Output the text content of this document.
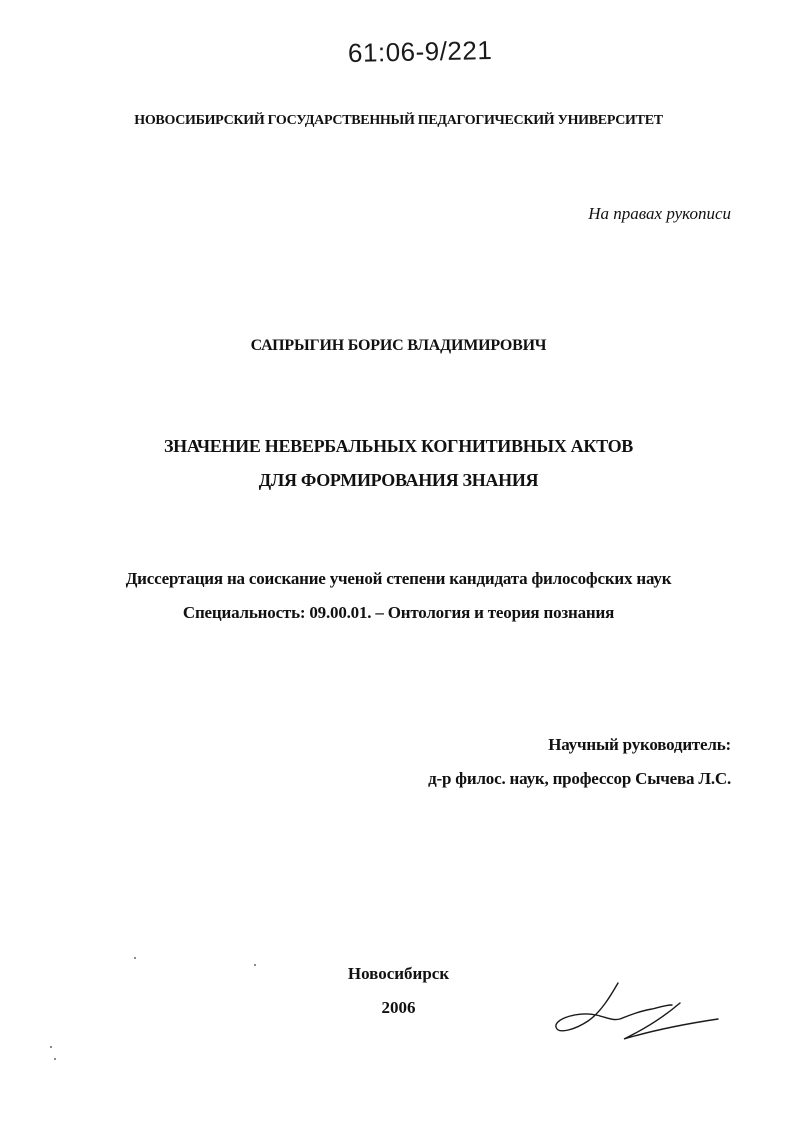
61:06-9/221
НОВОСИБИРСКИЙ ГОСУДАРСТВЕННЫЙ ПЕДАГОГИЧЕСКИЙ УНИВЕРСИТЕТ
На правах рукописи
САПРЫГИН БОРИС ВЛАДИМИРОВИЧ
ЗНАЧЕНИЕ НЕВЕРБАЛЬНЫХ КОГНИТИВНЫХ АКТОВ
ДЛЯ ФОРМИРОВАНИЯ ЗНАНИЯ
Диссертация на соискание ученой степени кандидата философских наук
Специальность: 09.00.01. – Онтология и теория познания
Научный руководитель:
д-р филос. наук, профессор Сычева Л.С.
Новосибирск
2006
